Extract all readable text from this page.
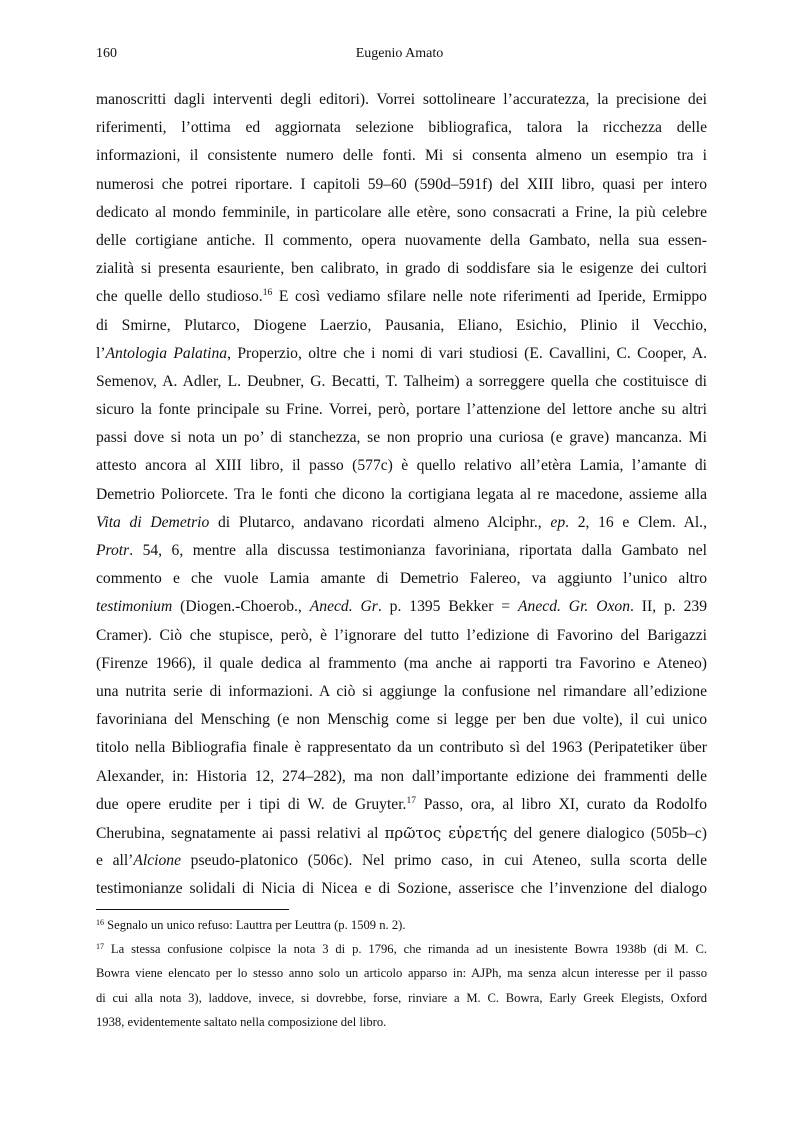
160	Eugenio Amato
manoscritti dagli interventi degli editori). Vorrei sottolineare l’accuratezza, la precisione dei
riferimenti, l’ottima ed aggiornata selezione bibliografica, talora la ricchezza delle
informazioni, il consistente numero delle fonti. Mi si consenta almeno un esempio tra i
numerosi che potrei riportare. I capitoli 59–60 (590d–591f) del XIII libro, quasi per intero
dedicato al mondo femminile, in particolare alle etère, sono consacrati a Frine, la più celebre
delle cortigiane antiche. Il commento, opera nuovamente della Gambato, nella sua essen-
zialità si presenta esauriente, ben calibrato, in grado di soddisfare sia le esigenze dei cultori
che quelle dello studioso.$^{16}$ E così vediamo sfilare nelle note riferimenti ad Iperide, Ermippo
di Smirne, Plutarco, Diogene Laerzio, Pausania, Eliano, Esichio, Plinio il Vecchio,
l’Antologia Palatina, Properzio, oltre che i nomi di vari studiosi (E. Cavallini, C. Cooper, A.
Semenov, A. Adler, L. Deubner, G. Becatti, T. Talheim) a sorreggere quella che costituisce di
sicuro la fonte principale su Frine. Vorrei, però, portare l’attenzione del lettore anche su altri
passi dove si nota un po’ di stanchezza, se non proprio una curiosa (e grave) mancanza. Mi
attesto ancora al XIII libro, il passo (577c) è quello relativo all’etèra Lamia, l’amante di
Demetrio Poliorcete. Tra le fonti che dicono la cortigiana legata al re macedone, assieme alla
Vita di Demetrio di Plutarco, andavano ricordati almeno Alciphr., ep. 2, 16 e Clem. Al.,
Protr. 54, 6, mentre alla discussa testimonianza favoriniana, riportata dalla Gambato nel
commento e che vuole Lamia amante di Demetrio Falereo, va aggiunto l’unico altro
testimonium (Diogen.-Choerob., Anecd. Gr. p. 1395 Bekker = Anecd. Gr. Oxon. II, p. 239
Cramer). Ciò che stupisce, però, è l’ignorare del tutto l’edizione di Favorino del Barigazzi
(Firenze 1966), il quale dedica al frammento (ma anche ai rapporti tra Favorino e Ateneo)
una nutrita serie di informazioni. A ciò si aggiunge la confusione nel rimandare all’edizione
favoriniana del Mensching (e non Menschig come si legge per ben due volte), il cui unico
titolo nella Bibliografia finale è rappresentato da un contributo sì del 1963 (Peripatetiker über
Alexander, in: Historia 12, 274–282), ma non dall’importante edizione dei frammenti delle
due opere erudite per i tipi di W. de Gruyter.$^{17}$ Passo, ora, al libro XI, curato da Rodolfo
Cherubina, segnatamente ai passi relativi al πρῶτος εὑρετής del genere dialogico (505b–c)
e all’Alcione pseudo-platonico (506c). Nel primo caso, in cui Ateneo, sulla scorta delle
testimonianze solidali di Nicia di Nicea e di Sozione, asserisce che l’invenzione del dialogo
$^{16}$ Segnalo un unico refuso: Lauttra per Leuttra (p. 1509 n. 2).
$^{17}$ La stessa confusione colpisce la nota 3 di p. 1796, che rimanda ad un inesistente Bowra 1938b (di M. C.
Bowra viene elencato per lo stesso anno solo un articolo apparso in: AJPh, ma senza alcun interesse per il passo
di cui alla nota 3), laddove, invece, si dovrebbe, forse, rinviare a M. C. Bowra, Early Greek Elegists, Oxford
1938, evidentemente saltato nella composizione del libro.
